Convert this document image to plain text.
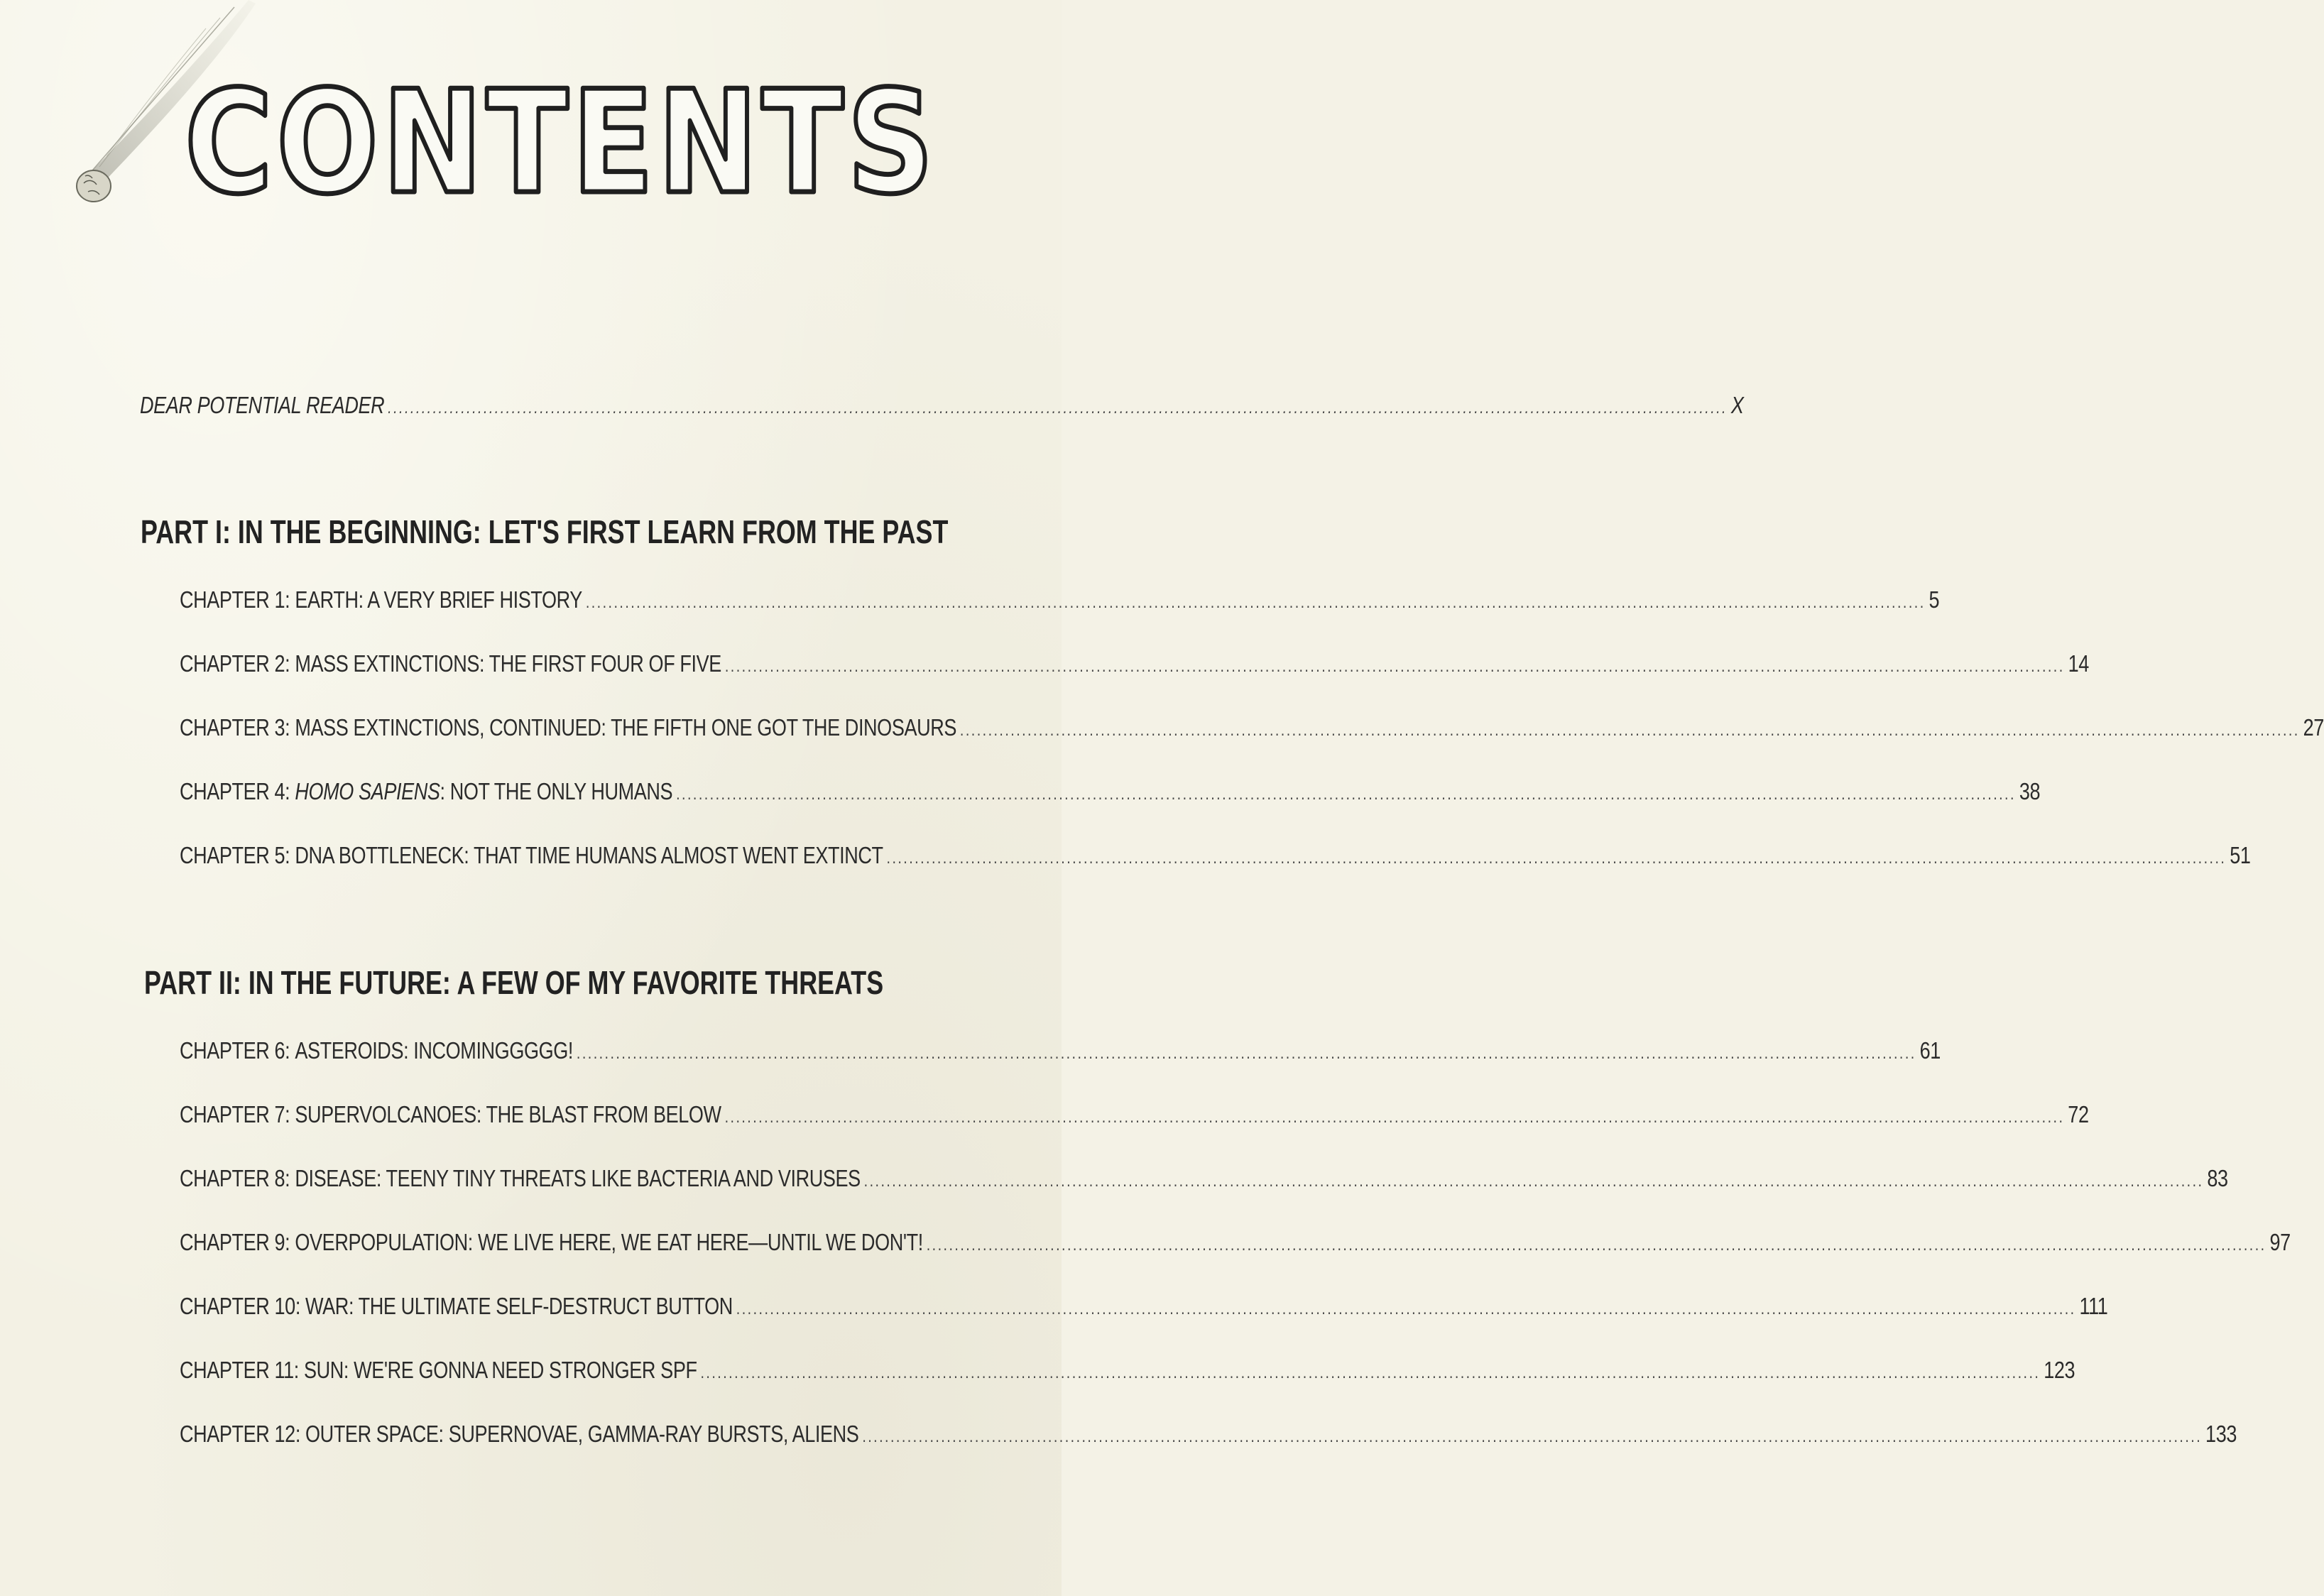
CONTENTS
DEAR POTENTIAL READER .............................................................................................................................................................................................................................................. X
PART I: IN THE BEGINNING: LET'S FIRST LEARN FROM THE PAST
CHAPTER 1:
EARTH: A VERY BRIEF HISTORY .............................................................................................................................................................................................................................................. 5
CHAPTER 2:
MASS EXTINCTIONS: THE FIRST FOUR OF FIVE .............................................................................................................................................................................................................................................. 14
CHAPTER 3:
MASS EXTINCTIONS, CONTINUED: THE FIFTH ONE GOT THE DINOSAURS .............................................................................................................................................................................................................................................. 27
CHAPTER 4:
HOMO SAPIENS: NOT THE ONLY HUMANS .............................................................................................................................................................................................................................................. 38
CHAPTER 5:
DNA BOTTLENECK: THAT TIME HUMANS ALMOST WENT EXTINCT .............................................................................................................................................................................................................................................. 51
PART II: IN THE FUTURE: A FEW OF MY FAVORITE THREATS
CHAPTER 6:
ASTEROIDS: INCOMINGGGGG! .............................................................................................................................................................................................................................................. 61
CHAPTER 7:
SUPERVOLCANOES: THE BLAST FROM BELOW .............................................................................................................................................................................................................................................. 72
CHAPTER 8:
DISEASE: TEENY TINY THREATS LIKE BACTERIA AND VIRUSES .............................................................................................................................................................................................................................................. 83
CHAPTER 9:
OVERPOPULATION: WE LIVE HERE, WE EAT HERE—UNTIL WE DON'T! .............................................................................................................................................................................................................................................. 97
CHAPTER 10:
WAR: THE ULTIMATE SELF-DESTRUCT BUTTON .............................................................................................................................................................................................................................................. 111
CHAPTER 11:
SUN: WE'RE GONNA NEED STRONGER SPF .............................................................................................................................................................................................................................................. 123
CHAPTER 12:
OUTER SPACE: SUPERNOVAE, GAMMA-RAY BURSTS, ALIENS .............................................................................................................................................................................................................................................. 133
